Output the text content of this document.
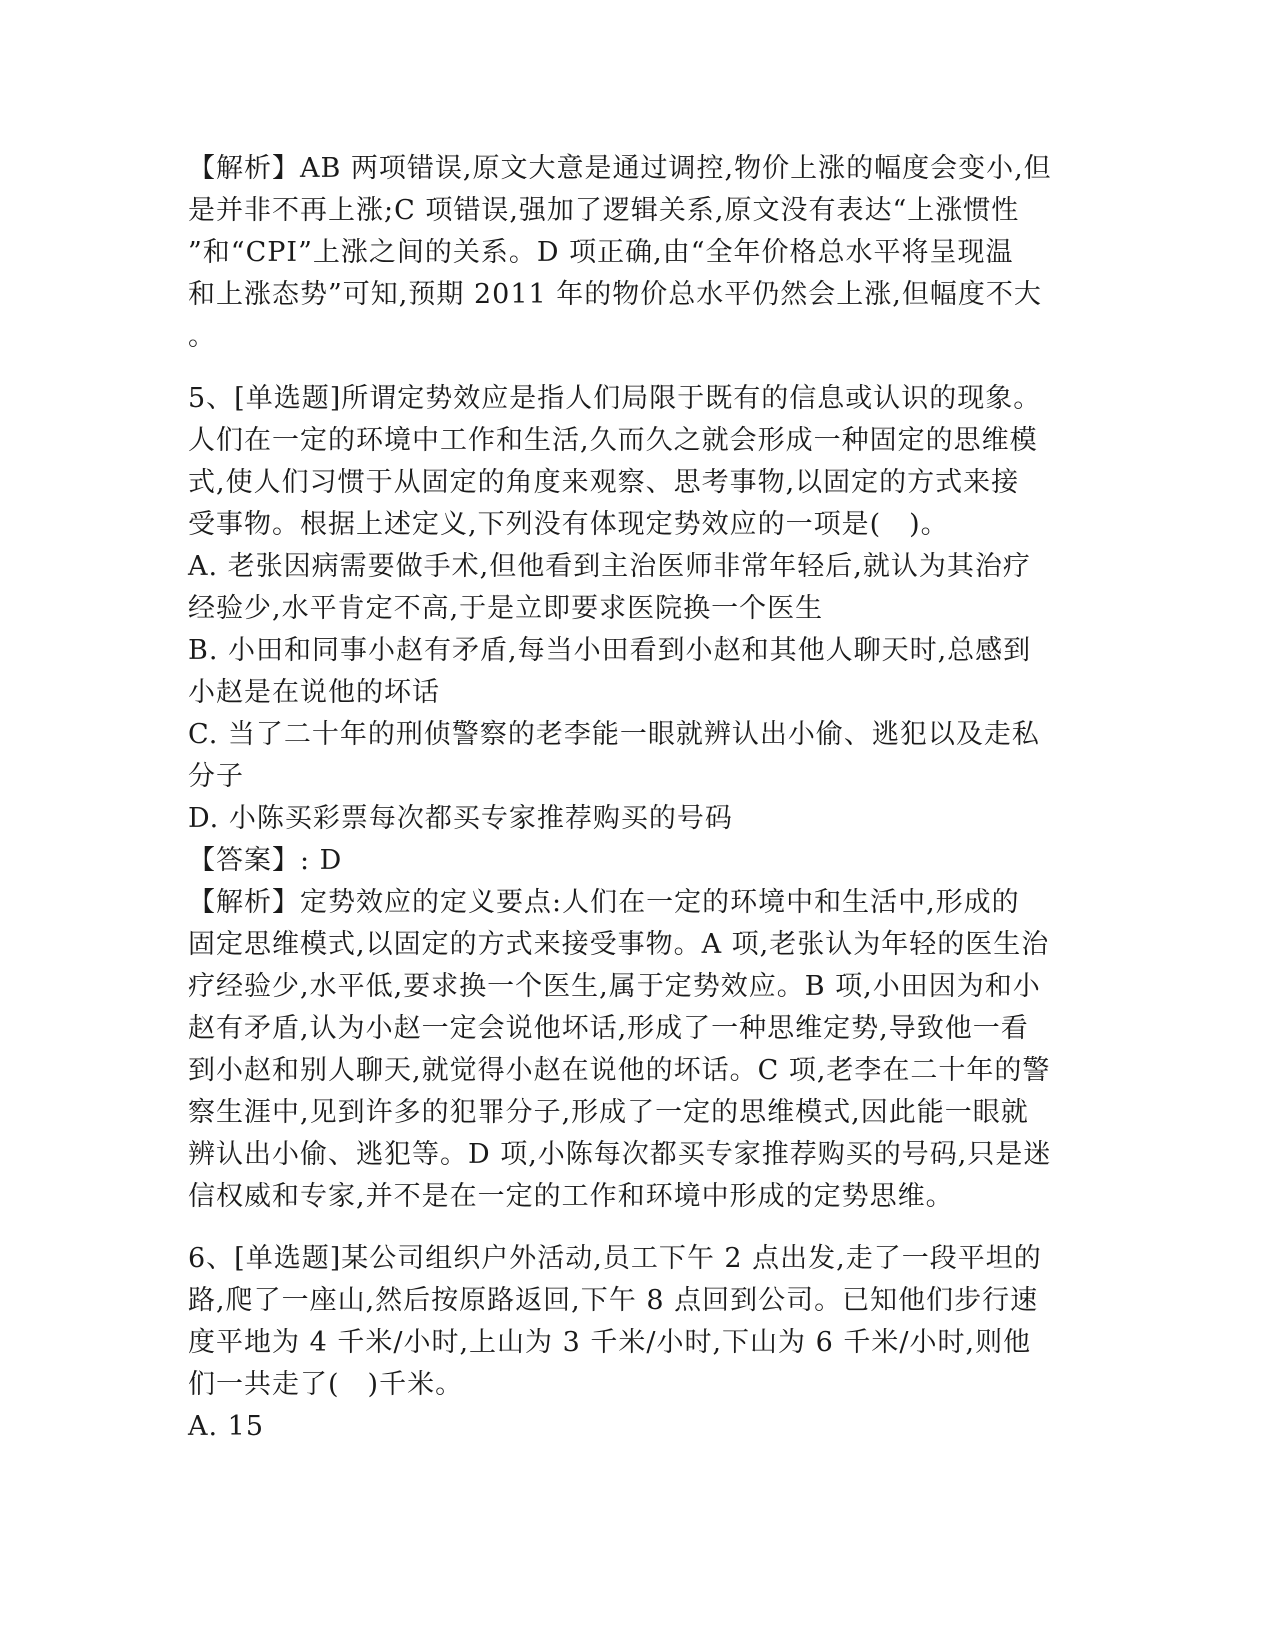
【解析】AB 两项错误,原文大意是通过调控,物价上涨的幅度会变小,但
是并非不再上涨;C 项错误,强加了逻辑关系,原文没有表达“上涨惯性
”和“CPI”上涨之间的关系。D 项正确,由“全年价格总水平将呈现温
和上涨态势”可知,预期 2011 年的物价总水平仍然会上涨,但幅度不大
。
5、[单选题]所谓定势效应是指人们局限于既有的信息或认识的现象。
人们在一定的环境中工作和生活,久而久之就会形成一种固定的思维模
式,使人们习惯于从固定的角度来观察、思考事物,以固定的方式来接
受事物。根据上述定义,下列没有体现定势效应的一项是(　)。
A. 老张因病需要做手术,但他看到主治医师非常年轻后,就认为其治疗
经验少,水平肯定不高,于是立即要求医院换一个医生
B. 小田和同事小赵有矛盾,每当小田看到小赵和其他人聊天时,总感到
小赵是在说他的坏话
C. 当了二十年的刑侦警察的老李能一眼就辨认出小偷、逃犯以及走私
分子
D. 小陈买彩票每次都买专家推荐购买的号码
【答案】: D
【解析】定势效应的定义要点:人们在一定的环境中和生活中,形成的
固定思维模式,以固定的方式来接受事物。A 项,老张认为年轻的医生治
疗经验少,水平低,要求换一个医生,属于定势效应。B 项,小田因为和小
赵有矛盾,认为小赵一定会说他坏话,形成了一种思维定势,导致他一看
到小赵和别人聊天,就觉得小赵在说他的坏话。C 项,老李在二十年的警
察生涯中,见到许多的犯罪分子,形成了一定的思维模式,因此能一眼就
辨认出小偷、逃犯等。D 项,小陈每次都买专家推荐购买的号码,只是迷
信权威和专家,并不是在一定的工作和环境中形成的定势思维。
6、[单选题]某公司组织户外活动,员工下午 2 点出发,走了一段平坦的
路,爬了一座山,然后按原路返回,下午 8 点回到公司。已知他们步行速
度平地为 4 千米/小时,上山为 3 千米/小时,下山为 6 千米/小时,则他
们一共走了(　)千米。
A. 15
